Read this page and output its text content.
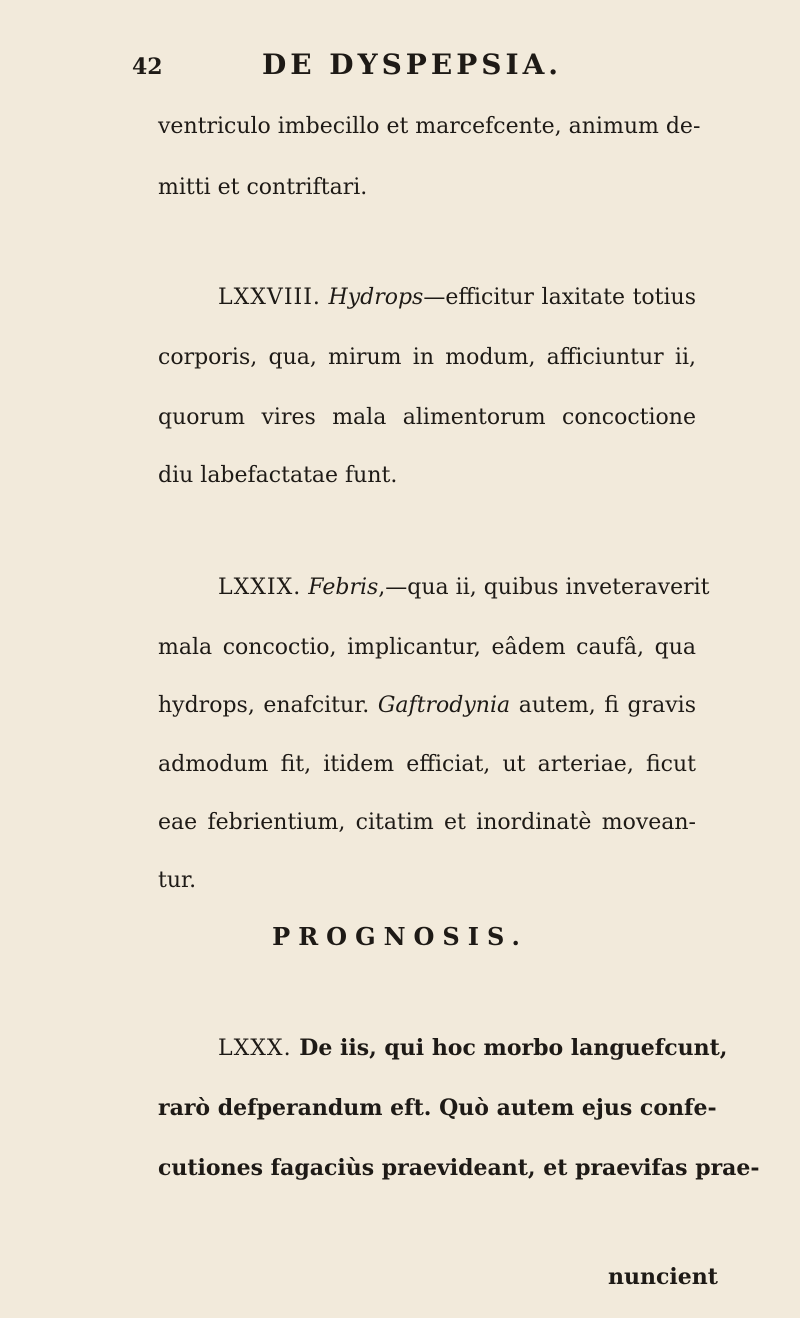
42	DE DYSPEPSIA.
ventriculo imbecillo et marcefcente, animum de-
mitti et contriftari.
LXXVIII. Hydrops—efficitur laxitate totius
corporis, qua, mirum in modum, afficiuntur ii,
quorum vires mala alimentorum concoctione
diu labefactatae funt.
LXXIX. Febris,—qua ii, quibus inveteraverit
mala concoctio, implicantur, eâdem caufâ, qua
hydrops, enafcitur. Gaftrodynia autem, fi gravis
admodum fit, itidem efficiat, ut arteriae, ficut
eae febrientium, citatim et inordinatè movean-
tur.
PROGNOSIS.
LXXX. De iis, qui hoc morbo languefcunt,
rarò defperandum eft. Quò autem ejus confe-
cutiones fagaciùs praevideant, et praevifas prae-
nuncient
